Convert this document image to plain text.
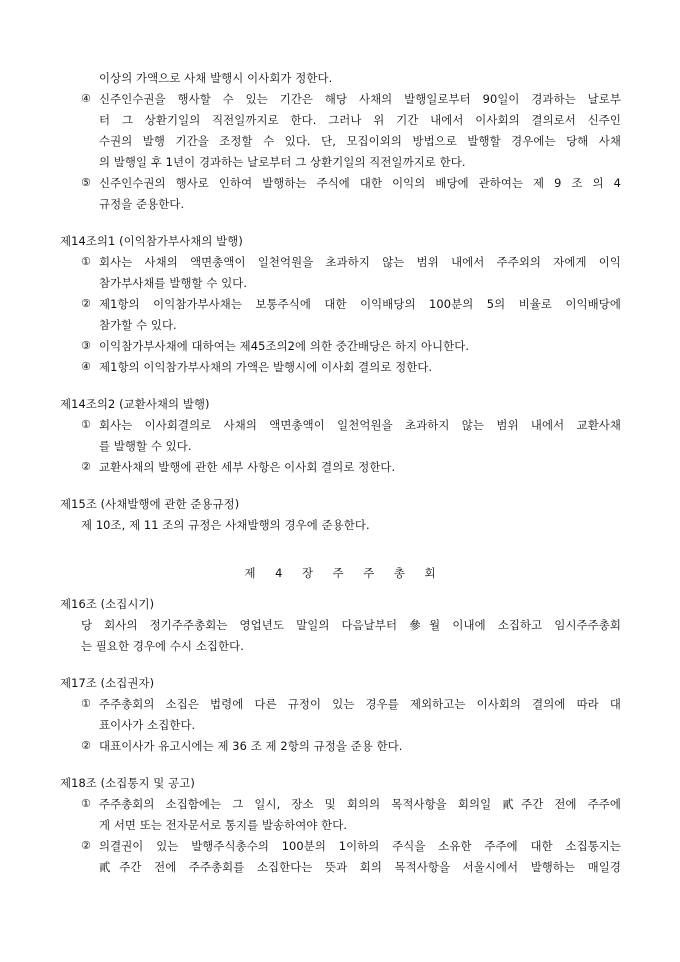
제 4 장 주 주 총 회
이상의 가액으로 사채 발행시 이사회가 정한다.
④ 신주인수권을 행사할 수 있는 기간은 해당 사채의 발행일로부터 90일이 경과하는 날로부
터 그 상환기일의 직전일까지로 한다. 그러나 위 기간 내에서 이사회의 결의로서 신주인
수권의 발행 기간을 조정할 수 있다. 단, 모집이외의 방법으로 발행할 경우에는 당해 사채
의 발행일 후 1년이 경과하는 날로부터 그 상환기일의 직전일까지로 한다.
⑤ 신주인수권의 행사로 인하여 발행하는 주식에 대한 이익의 배당에 관하여는 제 9 조 의 4
규정을 준용한다.
제14조의1 (이익참가부사채의 발행)
① 회사는 사채의 액면총액이 일천억원을 초과하지 않는 범위 내에서 주주외의 자에게 이익
참가부사채를 발행할 수 있다.
② 제1항의 이익참가부사채는 보통주식에 대한 이익배당의 100분의 5의 비율로 이익배당에
참가할 수 있다.
③ 이익참가부사채에 대하여는 제45조의2에 의한 중간배당은 하지 아니한다.
④ 제1항의 이익참가부사채의 가액은 발행시에 이사회 결의로 정한다.
제14조의2 (교환사채의 발행)
① 회사는 이사회결의로 사채의 액면총액이 일천억원을 초과하지 않는 범위 내에서 교환사채
를 발행할 수 있다.
② 교환사채의 발행에 관한 세부 사항은 이사회 결의로 정한다.
제15조 (사채발행에 관한 준용규정)
제 10조, 제 11 조의 규정은 사채발행의 경우에 준용한다.
제16조 (소집시기)
당 회사의 정기주주총회는 영업년도 말일의 다음날부터 參월 이내에 소집하고 임시주주총회
는 필요한 경우에 수시 소집한다.
제17조 (소집권자)
① 주주총회의 소집은 법령에 다른 규정이 있는 경우를 제외하고는 이사회의 결의에 따라 대
표이사가 소집한다.
② 대표이사가 유고시에는 제 36 조 제 2항의 규정을 준용 한다.
제18조 (소집통지 및 공고)
① 주주총회의 소집함에는 그 일시, 장소 및 회의의 목적사항을 회의일 貳주간 전에 주주에
게 서면 또는 전자문서로 통지를 발송하여야 한다.
② 의결권이 있는 발행주식총수의 100분의 1이하의 주식을 소유한 주주에 대한 소집통지는
貳주간 전에 주주총회를 소집한다는 뜻과 회의 목적사항을 서울시에서 발행하는 매일경
